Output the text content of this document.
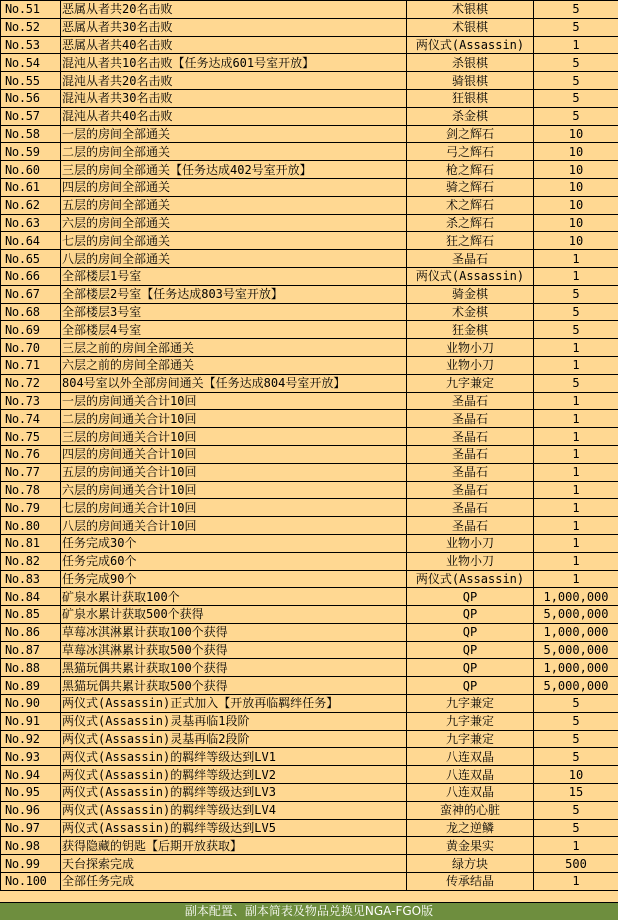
No.51	恶属从者共20名击败	术银棋	5
No.52	恶属从者共30名击败	术银棋	5
No.53	恶属从者共40名击败	两仪式(Assassin)	1
No.54	混沌从者共10名击败【任务达成601号室开放】	杀银棋	5
No.55	混沌从者共20名击败	骑银棋	5
No.56	混沌从者共30名击败	狂银棋	5
No.57	混沌从者共40名击败	杀金棋	5
No.58	一层的房间全部通关	剑之辉石	10
No.59	二层的房间全部通关	弓之辉石	10
No.60	三层的房间全部通关【任务达成402号室开放】	枪之辉石	10
No.61	四层的房间全部通关	骑之辉石	10
No.62	五层的房间全部通关	术之辉石	10
No.63	六层的房间全部通关	杀之辉石	10
No.64	七层的房间全部通关	狂之辉石	10
No.65	八层的房间全部通关	圣晶石	1
No.66	全部楼层1号室	两仪式(Assassin)	1
No.67	全部楼层2号室【任务达成803号室开放】	骑金棋	5
No.68	全部楼层3号室	术金棋	5
No.69	全部楼层4号室	狂金棋	5
No.70	三层之前的房间全部通关	业物小刀	1
No.71	六层之前的房间全部通关	业物小刀	1
No.72	804号室以外全部房间通关【任务达成804号室开放】	九字兼定	5
No.73	一层的房间通关合计10回	圣晶石	1
No.74	二层的房间通关合计10回	圣晶石	1
No.75	三层的房间通关合计10回	圣晶石	1
No.76	四层的房间通关合计10回	圣晶石	1
No.77	五层的房间通关合计10回	圣晶石	1
No.78	六层的房间通关合计10回	圣晶石	1
No.79	七层的房间通关合计10回	圣晶石	1
No.80	八层的房间通关合计10回	圣晶石	1
No.81	任务完成30个	业物小刀	1
No.82	任务完成60个	业物小刀	1
No.83	任务完成90个	两仪式(Assassin)	1
No.84	矿泉水累计获取100个	QP	1,000,000
No.85	矿泉水累计获取500个获得	QP	5,000,000
No.86	草莓冰淇淋累计获取100个获得	QP	1,000,000
No.87	草莓冰淇淋累计获取500个获得	QP	5,000,000
No.88	黑猫玩偶共累计获取100个获得	QP	1,000,000
No.89	黑猫玩偶共累计获取500个获得	QP	5,000,000
No.90	两仪式(Assassin)正式加入【开放再临羁绊任务】	九字兼定	5
No.91	两仪式(Assassin)灵基再临1段阶	九字兼定	5
No.92	两仪式(Assassin)灵基再临2段阶	九字兼定	5
No.93	两仪式(Assassin)的羁绊等级达到LV1	八连双晶	5
No.94	两仪式(Assassin)的羁绊等级达到LV2	八连双晶	10
No.95	两仪式(Assassin)的羁绊等级达到LV3	八连双晶	15
No.96	两仪式(Assassin)的羁绊等级达到LV4	蛮神的心脏	5
No.97	两仪式(Assassin)的羁绊等级达到LV5	龙之逆鳞	5
No.98	获得隐藏的钥匙【后期开放获取】	黄金果实	1
No.99	天台探索完成	绿方块	500
No.100	全部任务完成	传承结晶	1
副本配置、副本简表及物品兑换见NGA-FGO版
